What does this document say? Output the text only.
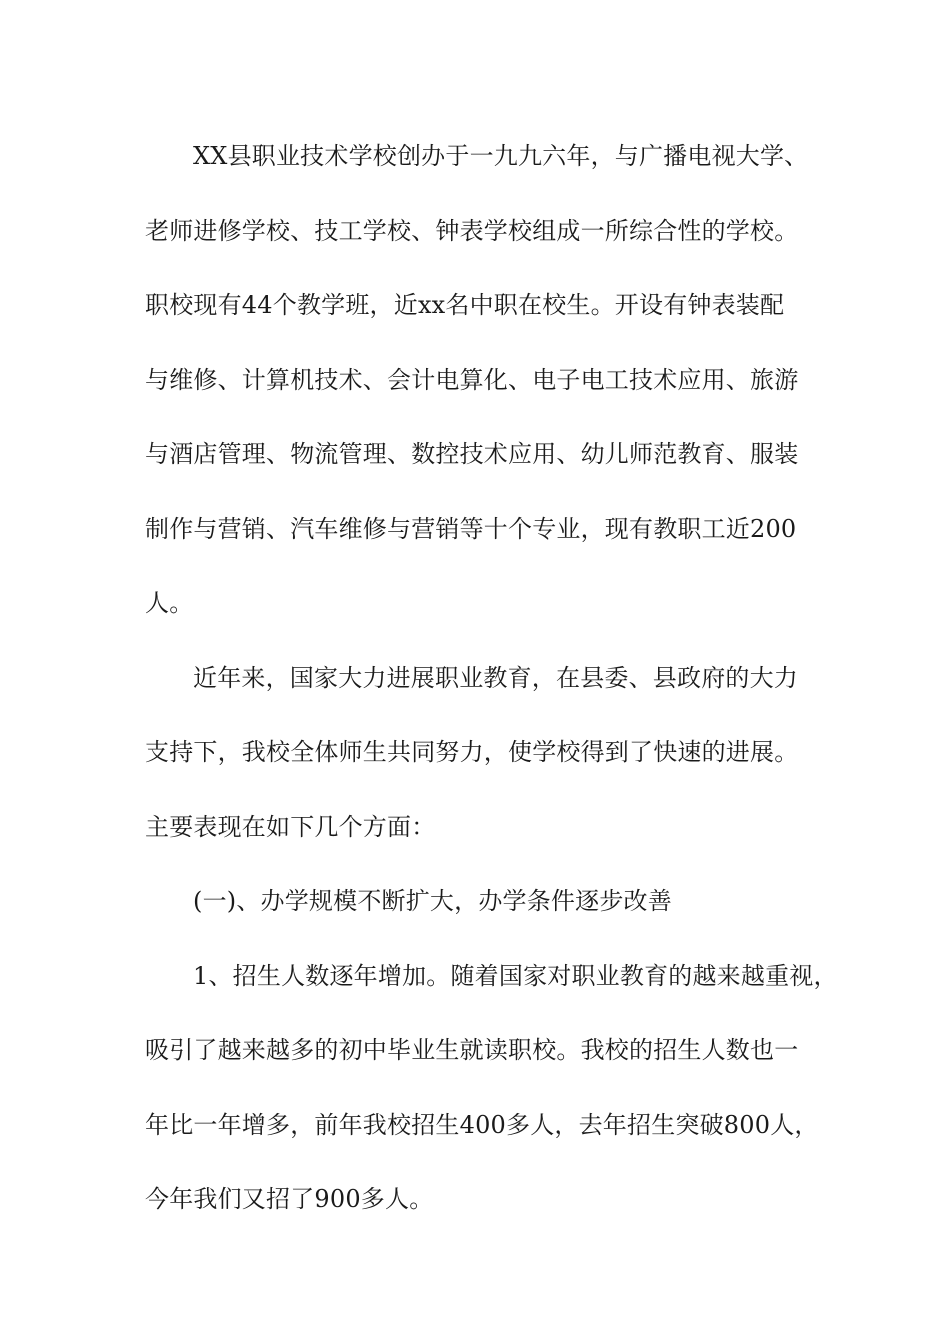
XX县职业技术学校创办于一九九六年，与广播电视大学、
老师进修学校、技工学校、钟表学校组成一所综合性的学校。
职校现有44个教学班，近xx名中职在校生。开设有钟表装配
与维修、计算机技术、会计电算化、电子电工技术应用、旅游
与酒店管理、物流管理、数控技术应用、幼儿师范教育、服装
制作与营销、汽车维修与营销等十个专业，现有教职工近200
人。
近年来，国家大力进展职业教育，在县委、县政府的大力
支持下，我校全体师生共同努力，使学校得到了快速的进展。
主要表现在如下几个方面：
(一)、办学规模不断扩大，办学条件逐步改善
1、招生人数逐年增加。随着国家对职业教育的越来越重视，
吸引了越来越多的初中毕业生就读职校。我校的招生人数也一
年比一年增多，前年我校招生400多人，去年招生突破800人，
今年我们又招了900多人。
